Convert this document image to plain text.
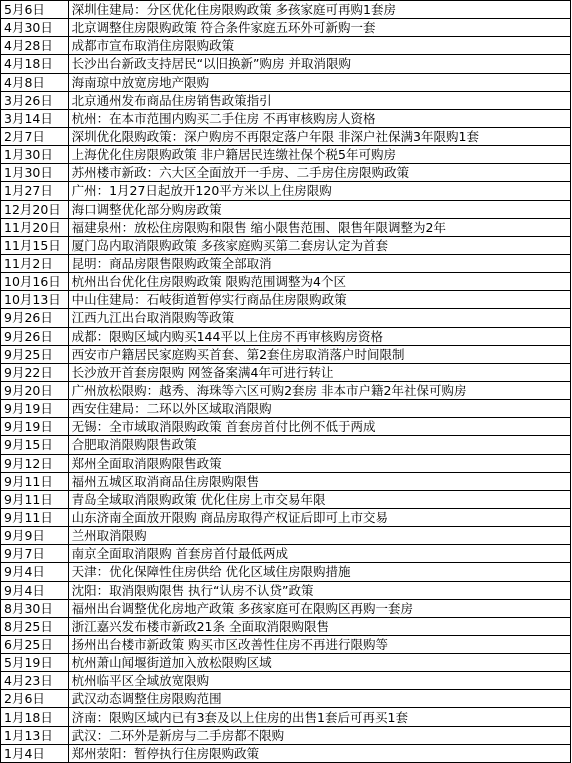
5月6日	深圳住建局：分区优化住房限购政策 多孩家庭可再购1套房
4月30日	北京调整住房限购政策 符合条件家庭五环外可新购一套
4月28日	成都市宣布取消住房限购政策
4月18日	长沙出台新政支持居民“以旧换新”购房 并取消限购
4月8日	海南琼中放宽房地产限购
3月26日	北京通州发布商品住房销售政策指引
3月14日	杭州：在本市范围内购买二手住房 不再审核购房人资格
2月7日	深圳优化限购政策：深户购房不再限定落户年限 非深户社保满3年限购1套
1月30日	上海优化住房限购政策 非户籍居民连缴社保个税5年可购房
1月30日	苏州楼市新政：六大区全面放开一手房、二手房住房限购政策
1月27日	广州：1月27日起放开120平方米以上住房限购
12月20日	海口调整优化部分购房政策
11月20日	福建泉州：放松住房限购和限售 缩小限售范围、限售年限调整为2年
11月15日	厦门岛内取消限购政策 多孩家庭购买第二套房认定为首套
11月2日	昆明：商品房限售限购政策全部取消
10月16日	杭州出台优化住房限购政策 限购范围调整为4个区
10月13日	中山住建局：石岐街道暂停实行商品住房限购政策
9月26日	江西九江出台取消限购等政策
9月26日	成都：限购区域内购买144平以上住房不再审核购房资格
9月25日	西安市户籍居民家庭购买首套、第2套住房取消落户时间限制
9月22日	长沙放开首套房限购 网签备案满4年可进行转让
9月20日	广州放松限购：越秀、海珠等六区可购2套房 非本市户籍2年社保可购房
9月19日	西安住建局：二环以外区域取消限购
9月19日	无锡：全市域取消限购政策 首套房首付比例不低于两成
9月15日	合肥取消限购限售政策
9月12日	郑州全面取消限购限售政策
9月11日	福州五城区取消商品住房限购限售
9月11日	青岛全域取消限购政策 优化住房上市交易年限
9月11日	山东济南全面放开限购 商品房取得产权证后即可上市交易
9月9日	兰州取消限购
9月7日	南京全面取消限购 首套房首付最低两成
9月4日	天津：优化保障性住房供给 优化区域住房限购措施
9月4日	沈阳：取消限购限售 执行“认房不认贷”政策
8月30日	福州出台调整优化房地产政策 多孩家庭可在限购区再购一套房
8月25日	浙江嘉兴发布楼市新政21条 全面取消限购限售
6月25日	扬州出台楼市新政策 购买市区改善性住房不再进行限购等
5月19日	杭州萧山闻堰街道加入放松限购区域
4月23日	杭州临平区全域放宽限购
2月6日	武汉动态调整住房限购范围
1月18日	济南：限购区域内已有3套及以上住房的出售1套后可再买1套
1月13日	武汉：二环外是新房与二手房都不限购
1月4日	郑州荥阳：暂停执行住房限购政策
